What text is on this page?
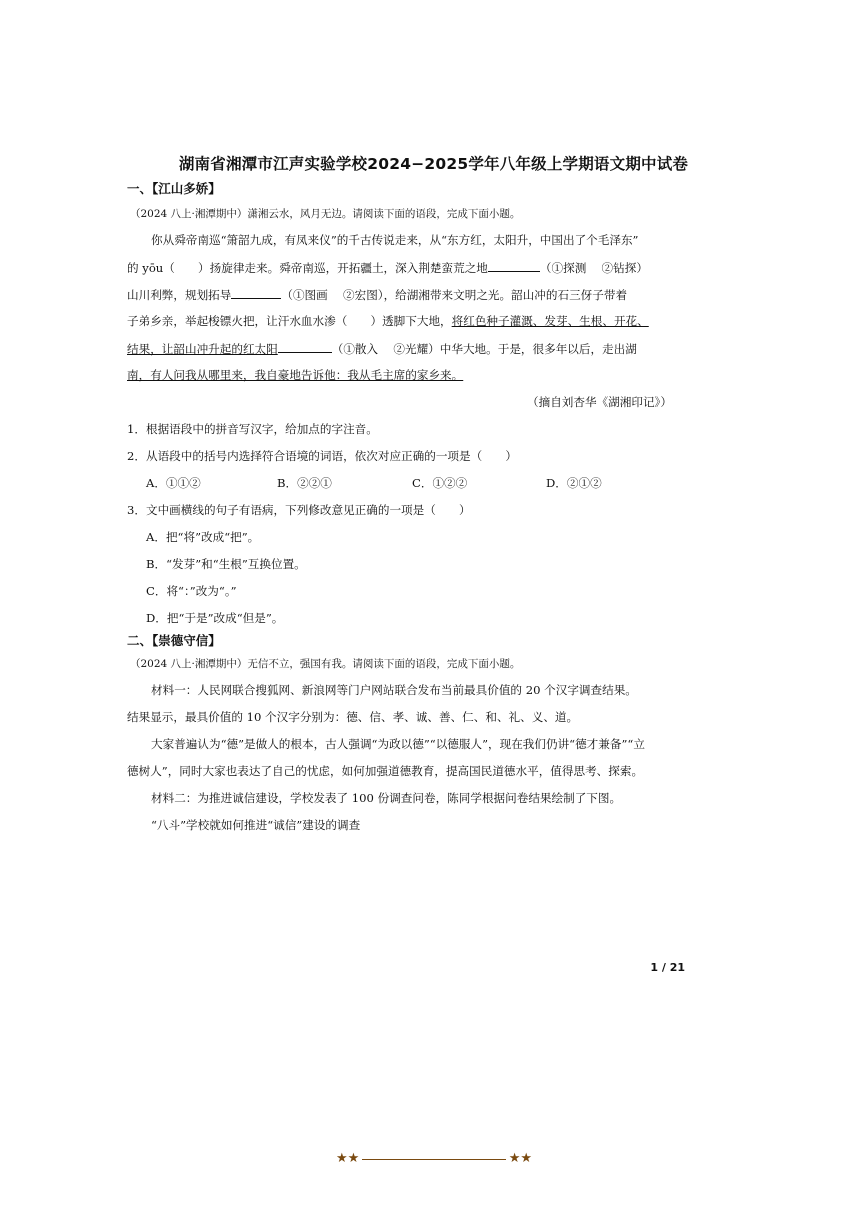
湖南省湘潭市江声实验学校2024−2025学年八年级上学期语文期中试卷
一、【江山多娇】
（2024 八上·湘潭期中）潇湘云水，风月无边。请阅读下面的语段，完成下面小题。
你从舜帝南巡“箫韶九成，有凤来仪”的千古传说走来，从“东方红，太阳升，中国出了个毛泽东”
的 yōu（　　）扬旋律走来。舜帝南巡，开拓疆土，深入荆楚蛮荒之地	（①探测　 ②钻探）
山川利弊，规划拓导	（①图画　 ②宏图），给湖湘带来文明之光。韶山冲的石三伢子带着
子弟乡亲，举起梭镖火把，让汗水血水渗（　　）透脚下大地，将红色种子灌溉、发芽、生根、开花、
结果，让韶山冲升起的红太阳	（①散入　 ②光耀）中华大地。于是，很多年以后，走出湖
南，有人问我从哪里来，我自豪地告诉他：我从毛主席的家乡来。
（摘自刘杏华《湖湘印记》）
1．根据语段中的拼音写汉字，给加点的字注音。
2．从语段中的括号内选择符合语境的词语，依次对应正确的一项是（　　）
A．①①②	B．②②①	C．①②②	D．②①②
3．文中画横线的句子有语病，下列修改意见正确的一项是（　　）
A．把“将”改成“把”。
B．“发芽”和“生根”互换位置。
C．将“：”改为“。”
D．把“于是”改成“但是”。
二、【崇德守信】
（2024 八上·湘潭期中）无信不立，强国有我。请阅读下面的语段，完成下面小题。
材料一：人民网联合搜狐网、新浪网等门户网站联合发布当前最具价值的 20 个汉字调查结果。
结果显示，最具价值的 10 个汉字分别为：德、信、孝、诚、善、仁、和、礼、义、道。
大家普遍认为“德”是做人的根本，古人强调“为政以德”“以德服人”，现在我们仍讲“德才兼备”“立
德树人”，同时大家也表达了自己的忧虑，如何加强道德教育，提高国民道德水平，值得思考、探索。
材料二：为推进诚信建设，学校发表了 100 份调查问卷，陈同学根据问卷结果绘制了下图。
“八斗”学校就如何推进“诚信”建设的调查
1 / 21
★★	★★
